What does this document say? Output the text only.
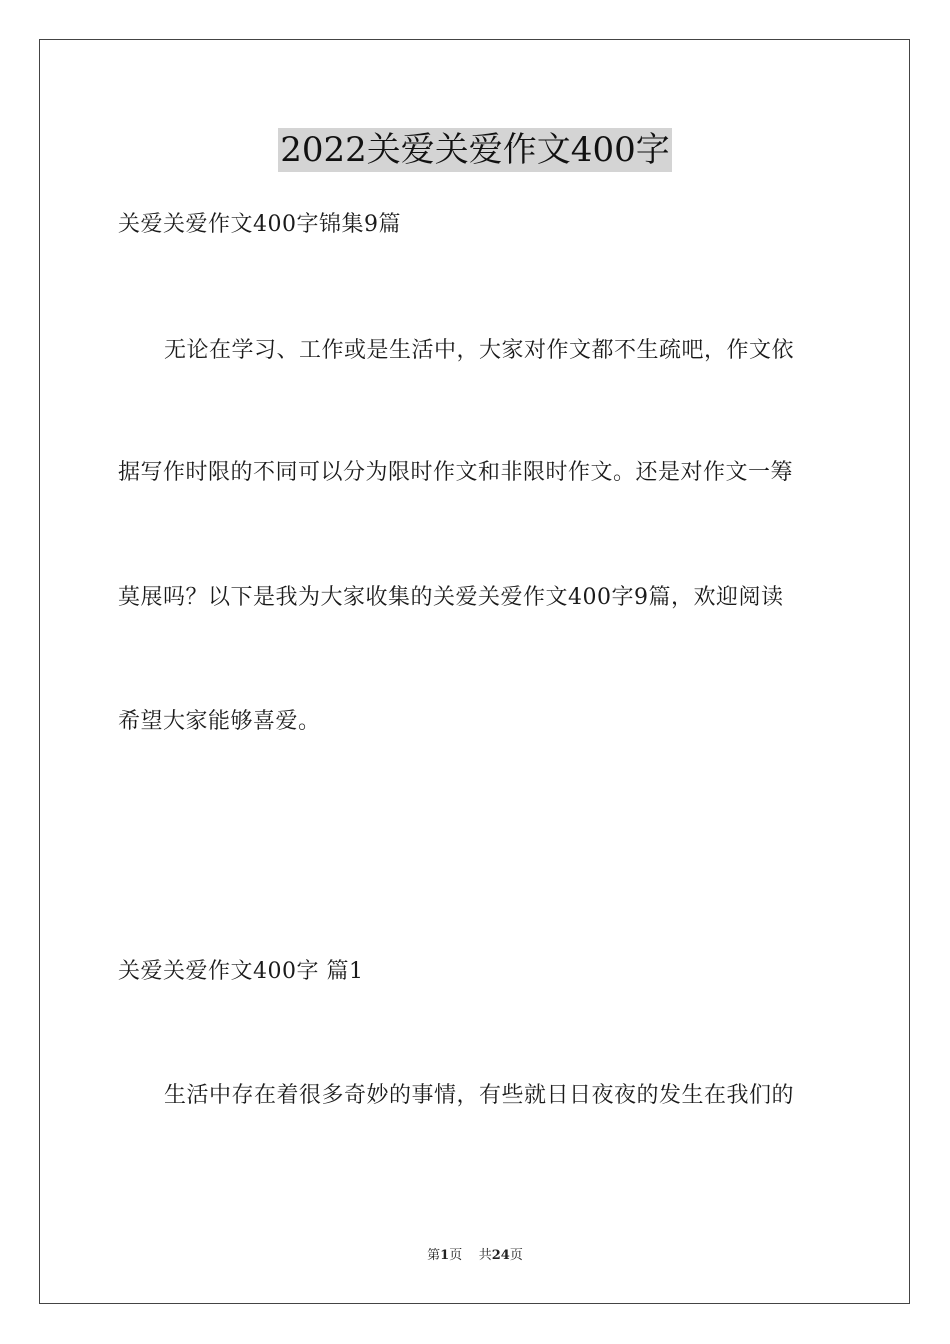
2022关爱关爱作文400字
关爱关爱作文400字锦集9篇
无论在学习、工作或是生活中，大家对作文都不生疏吧，作文依
据写作时限的不同可以分为限时作文和非限时作文。还是对作文一筹
莫展吗？以下是我为大家收集的关爱关爱作文400字9篇，欢迎阅读
希望大家能够喜爱。
关爱关爱作文400字 篇1
生活中存在着很多奇妙的事情，有些就日日夜夜的发生在我们的
第1页 共24页
